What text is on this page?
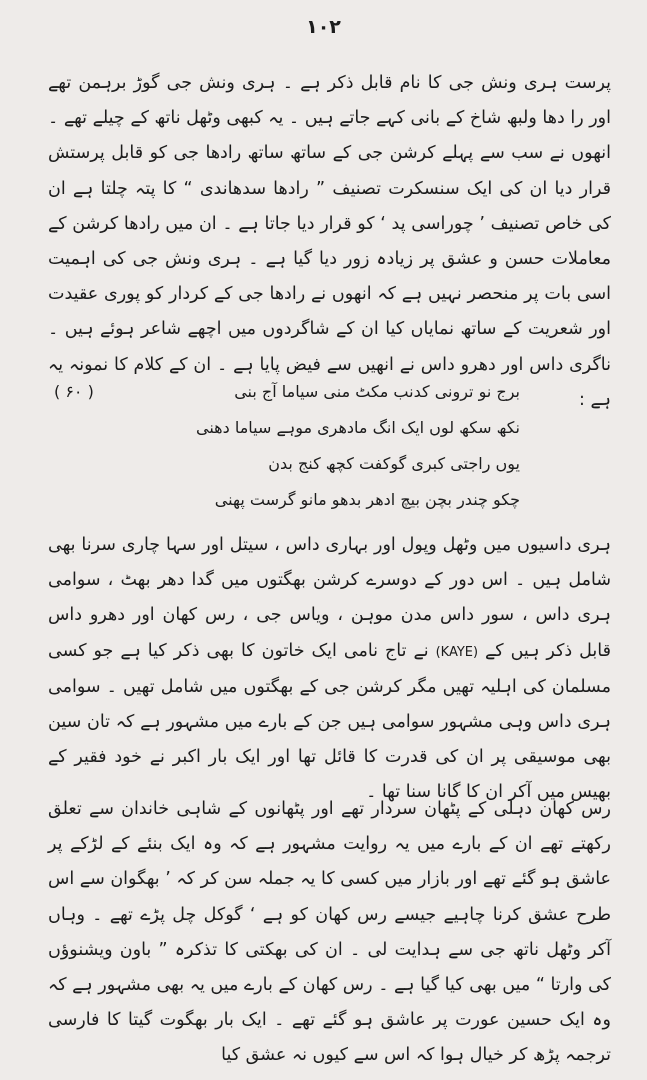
۱۰۲

پرست ہری ونش جی کا نام قابل ذکر ہے ۔ ہری ونش جی گوڑ برہمن تھے اور را دھا ولبھ شاخ کے بانی کہے جاتے ہیں ۔ یہ کبھی وٹھل ناتھ کے چیلے تھے ۔ انھوں نے سب سے پہلے کرشن جی کے ساتھ ساتھ رادھا جی کو قابل پرستش قرار دیا ان کی ایک سنسکرت تصنیف ” رادھا سدھاندی “ کا پتہ چلتا ہے ان کی خاص تصنیف ’ چوراسی پد ‘ کو قرار دیا جاتا ہے ۔ ان میں رادھا کرشن کے معاملات حسن و عشق پر زیادہ زور دیا گیا ہے ۔ ہری ونش جی کی اہمیت اسی بات پر منحصر نہیں ہے کہ انھوں نے رادھا جی کے کردار کو پوری عقیدت اور شعریت کے ساتھ نمایاں کیا ان کے شاگردوں میں اچھے شاعر ہوئے ہیں ۔ ناگری داس اور دھرو داس نے انھیں سے فیض پایا ہے ۔ ان کے کلام کا نمونہ یہ ہے :

( ۶۰ )	برج نو ترونی کدنب مکٹ منی سیاما آج بنی
نکھ سکھ لوں ایک انگ مادھری موہے سیاما دھنی
یوں راجتی کبری گوکفت کچھ کنج بدن
چکو چندر بچن بیچ ادھر بدھو مانو گرست پھنی

ہری داسیوں میں وٹھل وپول اور بہاری داس ، سیتل اور سہا چاری سرنا بھی شامل ہیں ۔ اس دور کے دوسرے کرشن بھگتوں میں گدا دھر بھٹ ، سوامی ہری داس ، سور داس مدن موہن ، ویاس جی ، رس کھان اور دھرو داس قابل ذکر ہیں کے (KAYE) نے تاج نامی ایک خاتون کا بھی ذکر کیا ہے جو کسی مسلمان کی اہلیہ تھیں مگر کرشن جی کے بھگتوں میں شامل تھیں ۔ سوامی ہری داس وہی مشہور سوامی ہیں جن کے بارے میں مشہور ہے کہ تان سین بھی موسیقی پر ان کی قدرت کا قائل تھا اور ایک بار اکبر نے خود فقیر کے بھیس میں آکر ان کا گانا سنا تھا ۔

رس کھان دہلی کے پٹھان سردار تھے اور پٹھانوں کے شاہی خاندان سے تعلق رکھتے تھے ان کے بارے میں یہ روایت مشہور ہے کہ وہ ایک بنئے کے لڑکے پر عاشق ہو گئے تھے اور بازار میں کسی کا یہ جملہ سن کر کہ ’ بھگوان سے اس طرح عشق کرنا چاہیے جیسے رس کھان کو ہے ‘ گوکل چل پڑے تھے ۔ وہاں آکر وٹھل ناتھ جی سے ہدایت لی ۔ ان کی بھکتی کا تذکرہ ” باون ویشنوؤں کی وارتا “ میں بھی کیا گیا ہے ۔ رس کھان کے بارے میں یہ بھی مشہور ہے کہ وہ ایک حسین عورت پر عاشق ہو گئے تھے ۔ ایک بار بھگوت گیتا کا فارسی ترجمہ پڑھ کر خیال ہوا کہ اس سے کیوں نہ عشق کیا
